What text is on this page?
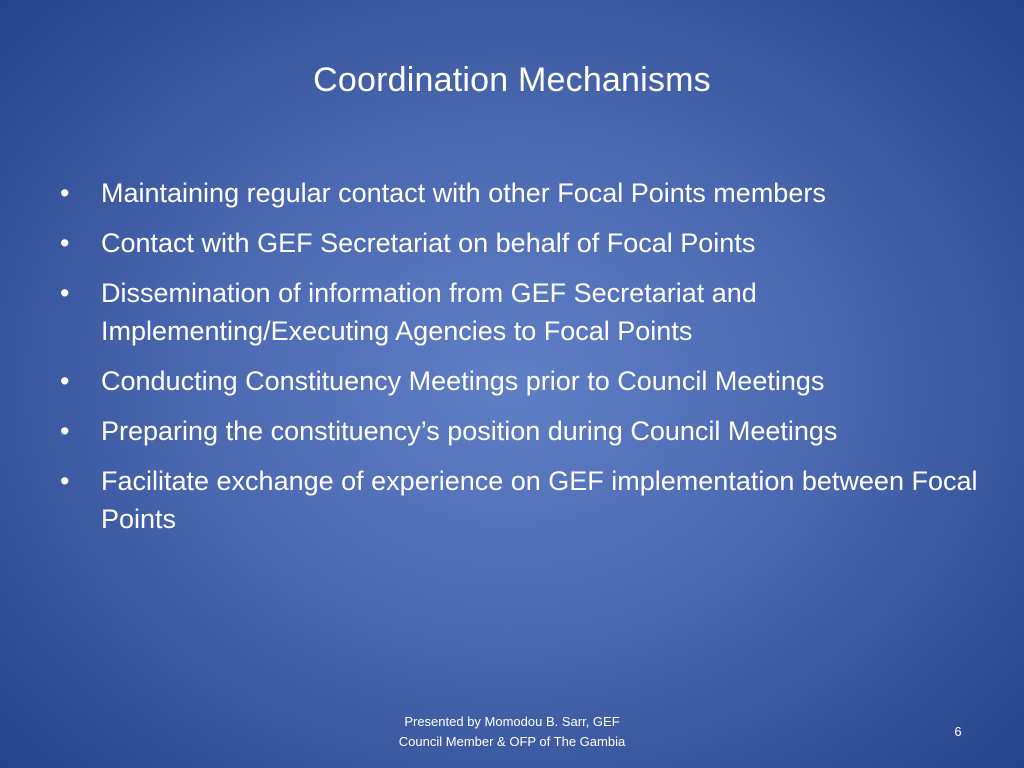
Coordination Mechanisms
•	Maintaining regular contact with other Focal Points members
•	Contact with GEF Secretariat on behalf of Focal Points
•	Dissemination of information from GEF Secretariat and Implementing/Executing Agencies to Focal Points
•	Conducting Constituency Meetings prior to Council Meetings
•	Preparing the constituency’s position during Council Meetings
•	Facilitate exchange of experience on GEF implementation between Focal Points
Presented by Momodou B. Sarr, GEF
Council Member & OFP of The Gambia
6
